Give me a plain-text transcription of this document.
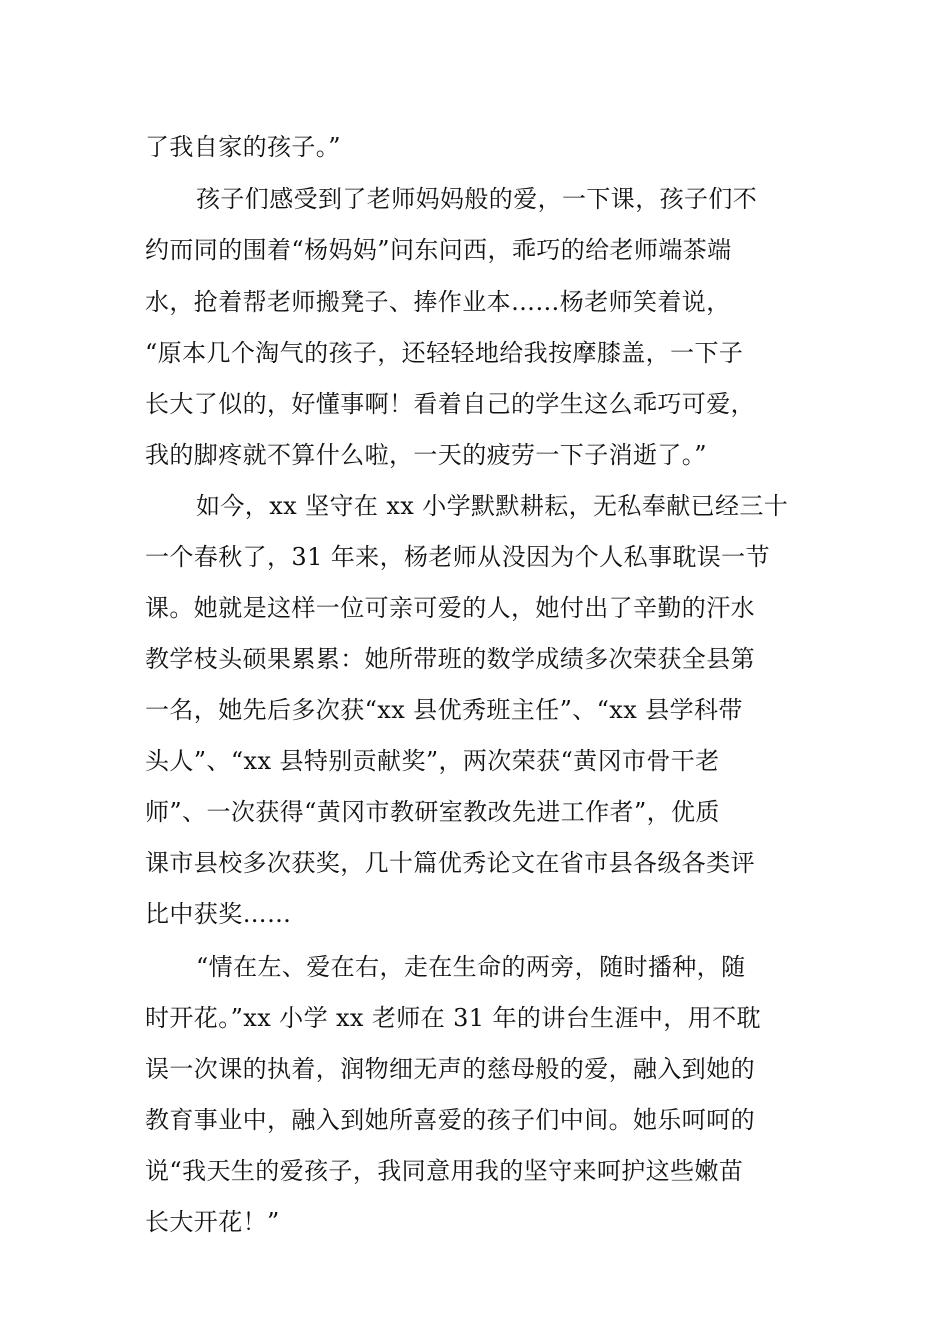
了我自家的孩子。”
孩子们感受到了老师妈妈般的爱，一下课，孩子们不
约而同的围着“杨妈妈”问东问西，乖巧的给老师端茶端
水，抢着帮老师搬凳子、捧作业本……杨老师笑着说，
“原本几个淘气的孩子，还轻轻地给我按摩膝盖，一下子
长大了似的，好懂事啊！看着自己的学生这么乖巧可爱，
我的脚疼就不算什么啦，一天的疲劳一下子消逝了。”
如今，xx 坚守在 xx 小学默默耕耘，无私奉献已经三十
一个春秋了，31 年来，杨老师从没因为个人私事耽误一节
课。她就是这样一位可亲可爱的人，她付出了辛勤的汗水
教学枝头硕果累累：她所带班的数学成绩多次荣获全县第
一名，她先后多次获“xx 县优秀班主任”、“xx 县学科带
头人”、“xx 县特别贡献奖”，两次荣获“黄冈市骨干老
师”、一次获得“黄冈市教研室教改先进工作者”，优质
课市县校多次获奖，几十篇优秀论文在省市县各级各类评
比中获奖……
“情在左、爱在右，走在生命的两旁，随时播种，随
时开花。”xx 小学 xx 老师在 31 年的讲台生涯中，用不耽
误一次课的执着，润物细无声的慈母般的爱，融入到她的
教育事业中，融入到她所喜爱的孩子们中间。她乐呵呵的
说“我天生的爱孩子，我同意用我的坚守来呵护这些嫩苗
长大开花！”
